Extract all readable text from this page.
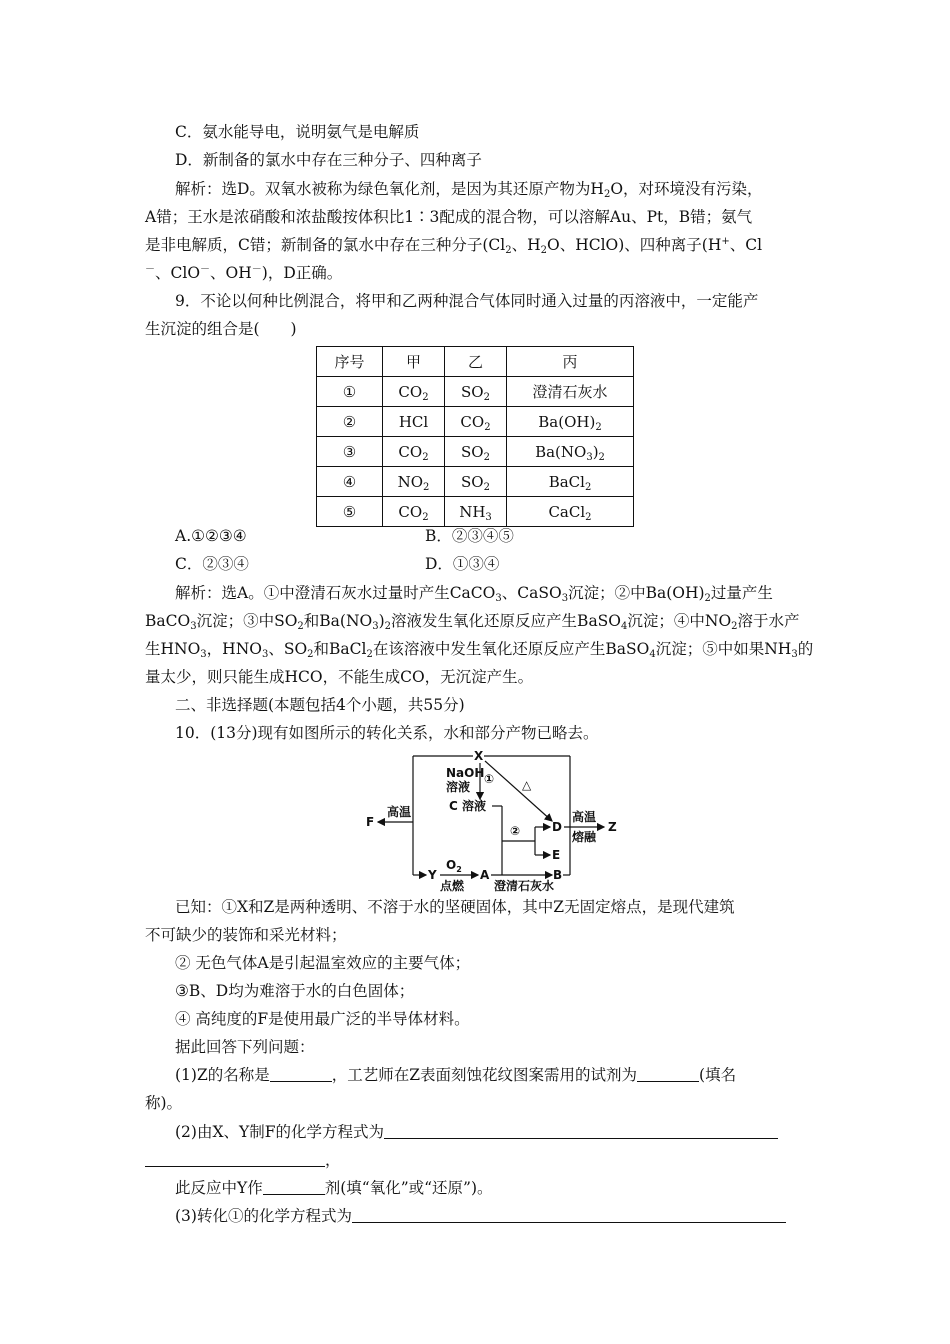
C．氨水能导电，说明氨气是电解质
D．新制备的氯水中存在三种分子、四种离子
解析：选D。双氧水被称为绿色氧化剂，是因为其还原产物为$H_2O$，对环境没有污染，
A错；王水是浓硝酸和浓盐酸按体积比1∶3配成的混合物，可以溶解Au、Pt，B错；氨气
是非电解质，C错；新制备的氯水中存在三种分子($Cl_2$、$H_2O$、HClO)、四种离子(H+、Cl
－、ClO－、OH－)，D正确。
9．不论以何种比例混合，将甲和乙两种混合气体同时通入过量的丙溶液中，一定能产
生沉淀的组合是(　　)
序号	甲	乙	丙
①	$CO_2$	$SO_2$	澄清石灰水
②	HCl	$CO_2$	$Ba(OH)_2$
③	$CO_2$	$SO_2$	$Ba(NO_3)_2$
④	$NO_2$	$SO_2$	BaCl$_2$
⑤	$CO_2$	$NH_3$	CaCl$_2$
A.①②③④	B．②③④⑤
C．②③④	D．①③④
解析：选A。①中澄清石灰水过量时产生CaCO$_3$、CaSO$_3$沉淀；②中$Ba(OH)_2$过量产生
BaCO$_3$沉淀；③中$SO_2$和$Ba(NO_3)_2$溶液发生氧化还原反应产生BaSO$_4$沉淀；④中$NO_2$溶于水产
生$HNO_3$，$HNO_3$、$SO_2$和BaCl$_2$在该溶液中发生氧化还原反应产生BaSO$_4$沉淀；⑤中如果$NH_3$的
量太少，则只能生成HCO，不能生成CO，无沉淀产生。
二、非选择题(本题包括4个小题，共55分)
10．(13分)现有如图所示的转化关系，水和部分产物已略去。
高温
F
X
NaOH
溶液
①
C 溶液
△
②	D
E
高温
熔融
Z
Y
$O_2$
点燃
A
澄清石灰水
B
已知：①X和Z是两种透明、不溶于水的坚硬固体，其中Z无固定熔点，是现代建筑
不可缺少的装饰和采光材料；
② 无色气体A是引起温室效应的主要气体；
③B、D均为难溶于水的白色固体；
④ 高纯度的F是使用最广泛的半导体材料。
据此回答下列问题：
(1)Z的名称是	，工艺师在Z表面刻蚀花纹图案需用的试剂为	(填名
称)。
(2)由X、Y制F的化学方程式为
，
此反应中Y作	剂(填“氧化”或“还原”)。
(3)转化①的化学方程式为
